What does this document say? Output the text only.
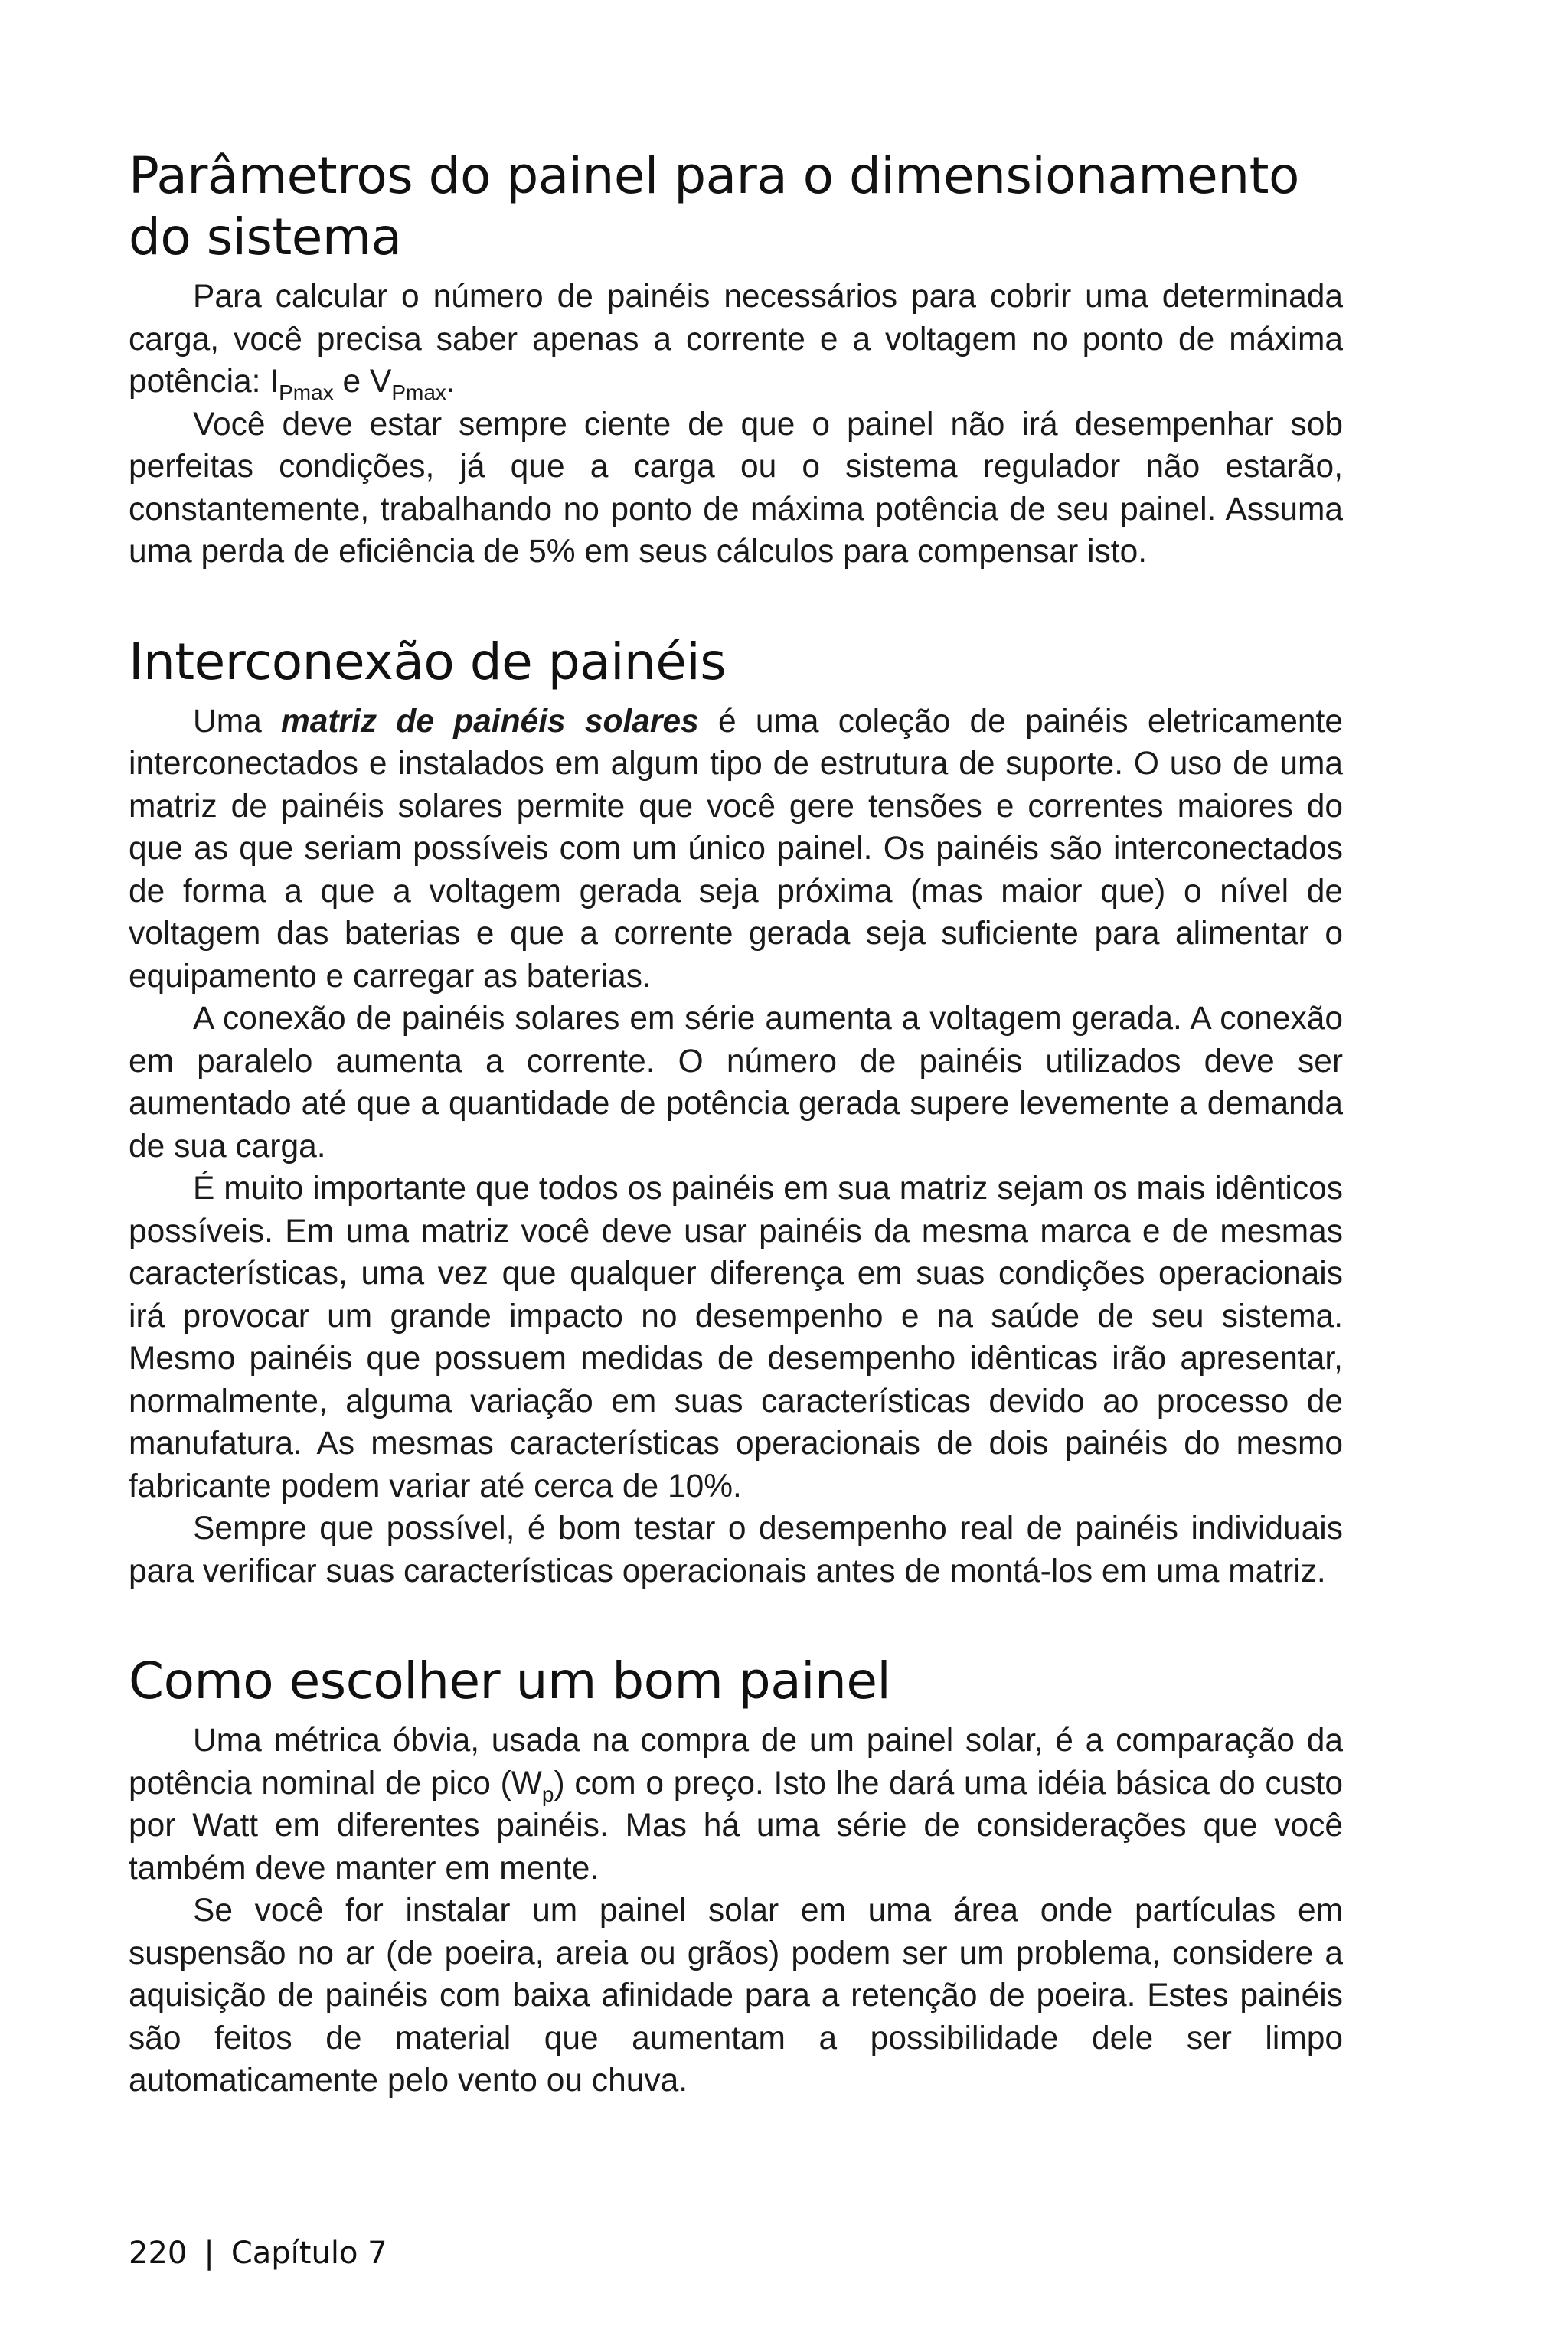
Parâmetros do painel para o dimensionamento do sistema

Para calcular o número de painéis necessários para cobrir uma determinada carga, você precisa saber apenas a corrente e a voltagem no ponto de máxima potência: $I_{Pmax}$ e $V_{Pmax}$.

Você deve estar sempre ciente de que o painel não irá desempenhar sob perfeitas condições, já que a carga ou o sistema regulador não estarão, constantemente, trabalhando no ponto de máxima potência de seu painel. Assuma uma perda de eficiência de 5% em seus cálculos para compensar isto.

Interconexão de painéis

Uma matriz de painéis solares é uma coleção de painéis eletricamente interconectados e instalados em algum tipo de estrutura de suporte. O uso de uma matriz de painéis solares permite que você gere tensões e correntes maiores do que as que seriam possíveis com um único painel. Os painéis são interconectados de forma a que a voltagem gerada seja próxima (mas maior que) o nível de voltagem das baterias e que a corrente gerada seja suficiente para alimentar o equipamento e carregar as baterias.

A conexão de painéis solares em série aumenta a voltagem gerada. A conexão em paralelo aumenta a corrente. O número de painéis utilizados deve ser aumentado até que a quantidade de potência gerada supere levemente a demanda de sua carga.

É muito importante que todos os painéis em sua matriz sejam os mais idênticos possíveis. Em uma matriz você deve usar painéis da mesma marca e de mesmas características, uma vez que qualquer diferença em suas condições operacionais irá provocar um grande impacto no desempenho e na saúde de seu sistema. Mesmo painéis que possuem medidas de desempenho idênticas irão apresentar, normalmente, alguma variação em suas características devido ao processo de manufatura. As mesmas características operacionais de dois painéis do mesmo fabricante podem variar até cerca de 10%.

Sempre que possível, é bom testar o desempenho real de painéis individuais para verificar suas características operacionais antes de montá-los em uma matriz.

Como escolher um bom painel

Uma métrica óbvia, usada na compra de um painel solar, é a comparação da potência nominal de pico $(W_p)$ com o preço. Isto lhe dará uma idéia básica do custo por Watt em diferentes painéis. Mas há uma série de considerações que você também deve manter em mente.

Se você for instalar um painel solar em uma área onde partículas em suspensão no ar (de poeira, areia ou grãos) podem ser um problema, considere a aquisição de painéis com baixa afinidade para a retenção de poeira. Estes painéis são feitos de material que aumentam a possibilidade dele ser limpo automaticamente pelo vento ou chuva.

220 | Capítulo 7
